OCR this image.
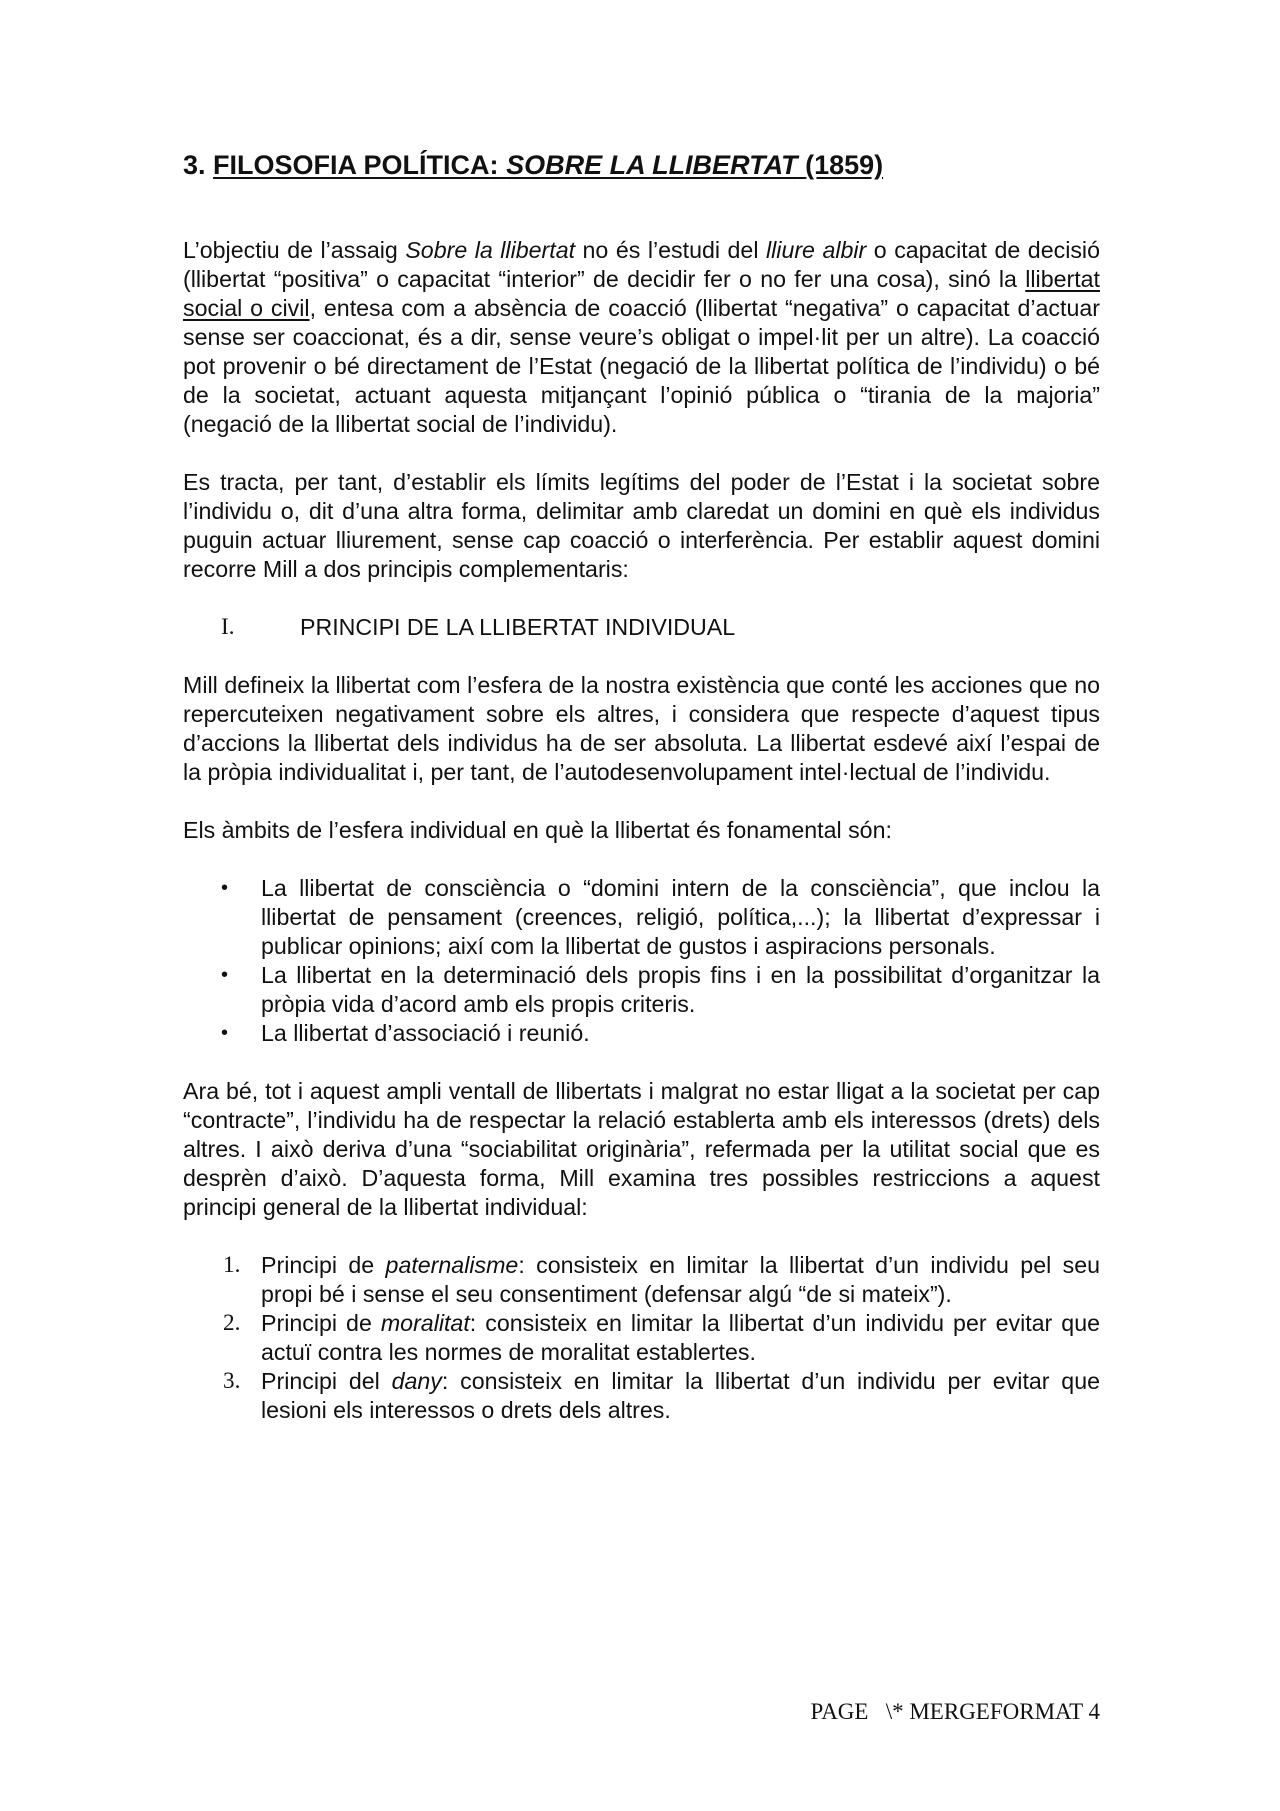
3. FILOSOFIA POLÍTICA: SOBRE LA LLIBERTAT (1859)

L’objectiu de l’assaig Sobre la llibertat no és l’estudi del lliure albir o capacitat de decisió (llibertat “positiva” o capacitat “interior” de decidir fer o no fer una cosa), sinó la llibertat social o civil, entesa com a absència de coacció (llibertat “negativa” o capacitat d’actuar sense ser coaccionat, és a dir, sense veure’s obligat o impel·lit per un altre). La coacció pot provenir o bé directament de l’Estat (negació de la llibertat política de l’individu) o bé de la societat, actuant aquesta mitjançant l’opinió pública o “tirania de la majoria” (negació de la llibertat social de l’individu).

Es tracta, per tant, d’establir els límits legítims del poder de l’Estat i la societat sobre l’individu o, dit d’una altra forma, delimitar amb claredat un domini en què els individus puguin actuar lliurement, sense cap coacció o interferència. Per establir aquest domini recorre Mill a dos principis complementaris:

I.	PRINCIPI DE LA LLIBERTAT INDIVIDUAL

Mill defineix la llibertat com l’esfera de la nostra existència que conté les acciones que no repercuteixen negativament sobre els altres, i considera que respecte d’aquest tipus d’accions la llibertat dels individus ha de ser absoluta. La llibertat esdevé així l’espai de la pròpia individualitat i, per tant, de l’autodesenvolupament intel·lectual de l’individu.

Els àmbits de l’esfera individual en què la llibertat és fonamental són:

• La llibertat de consciència o “domini intern de la consciència”, que inclou la llibertat de pensament (creences, religió, política,...); la llibertat d’expressar i publicar opinions; així com la llibertat de gustos i aspiracions personals.
• La llibertat en la determinació dels propis fins i en la possibilitat d’organitzar la pròpia vida d’acord amb els propis criteris.
• La llibertat d’associació i reunió.

Ara bé, tot i aquest ampli ventall de llibertats i malgrat no estar lligat a la societat per cap “contracte”, l’individu ha de respectar la relació establerta amb els interessos (drets) dels altres. I això deriva d’una “sociabilitat originària”, refermada per la utilitat social que es desprèn d’això. D’aquesta forma, Mill examina tres possibles restriccions a aquest principi general de la llibertat individual:

1. Principi de paternalisme: consisteix en limitar la llibertat d’un individu pel seu propi bé i sense el seu consentiment (defensar algú “de si mateix”).
2. Principi de moralitat: consisteix en limitar la llibertat d’un individu per evitar que actuï contra les normes de moralitat establertes.
3. Principi del dany: consisteix en limitar la llibertat d’un individu per evitar que lesioni els interessos o drets dels altres.
PAGE   \* MERGEFORMAT 4
